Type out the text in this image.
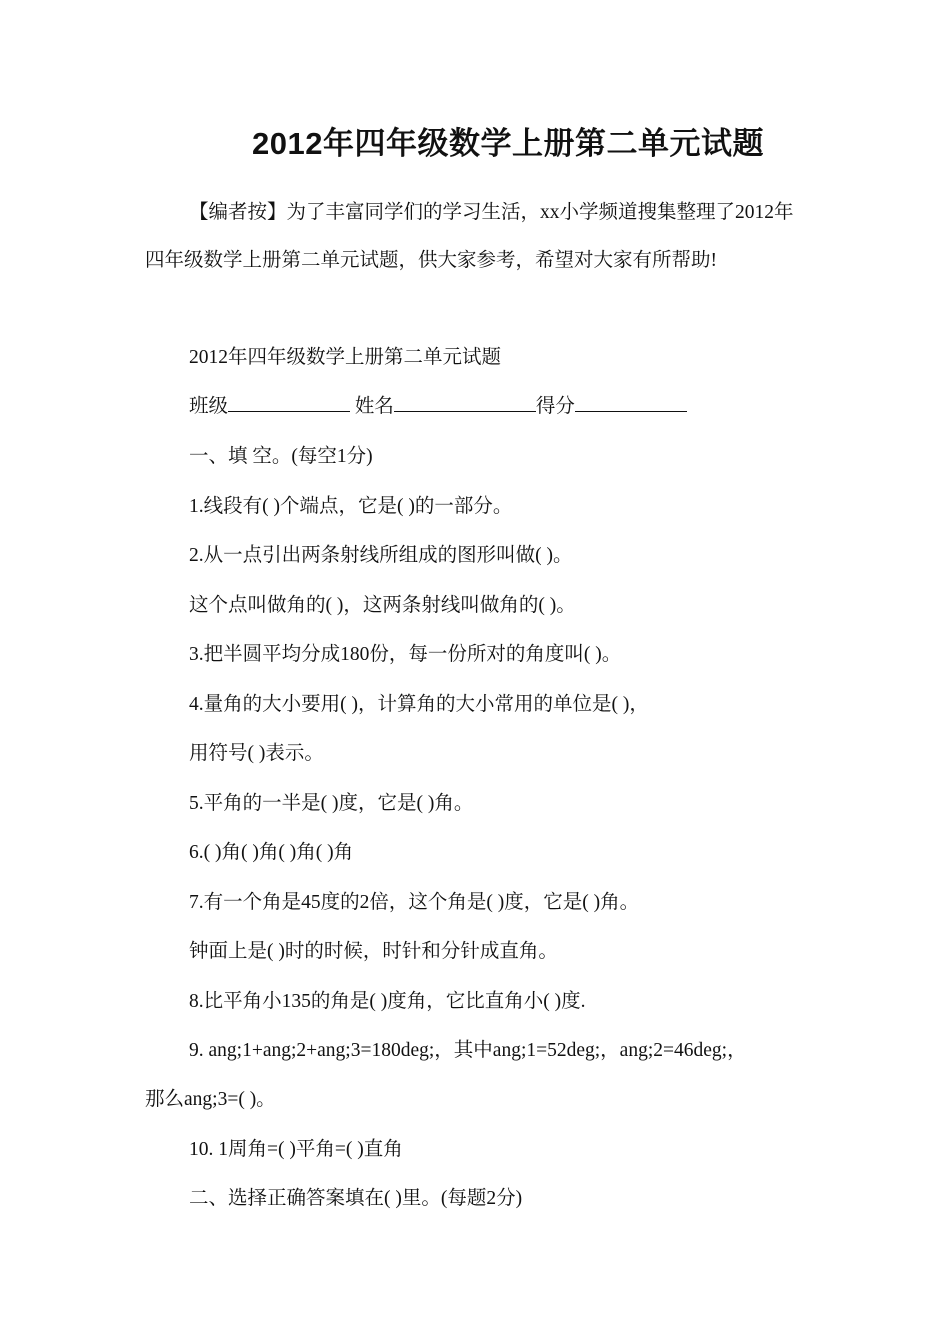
2012年四年级数学上册第二单元试题

【编者按】为了丰富同学们的学习生活，xx小学频道搜集整理了2012年四年级数学上册第二单元试题，供大家参考，希望对大家有所帮助!

2012年四年级数学上册第二单元试题
班级	姓名	得分
一、填 空。(每空1分)
1.线段有( )个端点，它是( )的一部分。
2.从一点引出两条射线所组成的图形叫做( )。
这个点叫做角的( )，这两条射线叫做角的( )。
3.把半圆平均分成180份，每一份所对的角度叫( )。
4.量角的大小要用( )，计算角的大小常用的单位是( )，
用符号( )表示。
5.平角的一半是( )度，它是( )角。
6.( )角( )角( )角( )角
7.有一个角是45度的2倍，这个角是( )度，它是( )角。
钟面上是( )时的时候，时针和分针成直角。
8.比平角小135的角是( )度角，它比直角小( )度.
9. ang;1+ang;2+ang;3=180deg;，其中ang;1=52deg;，ang;2=46deg;，
那么ang;3=( )。
10. 1周角=( )平角=( )直角
二、选择正确答案填在( )里。(每题2分)
